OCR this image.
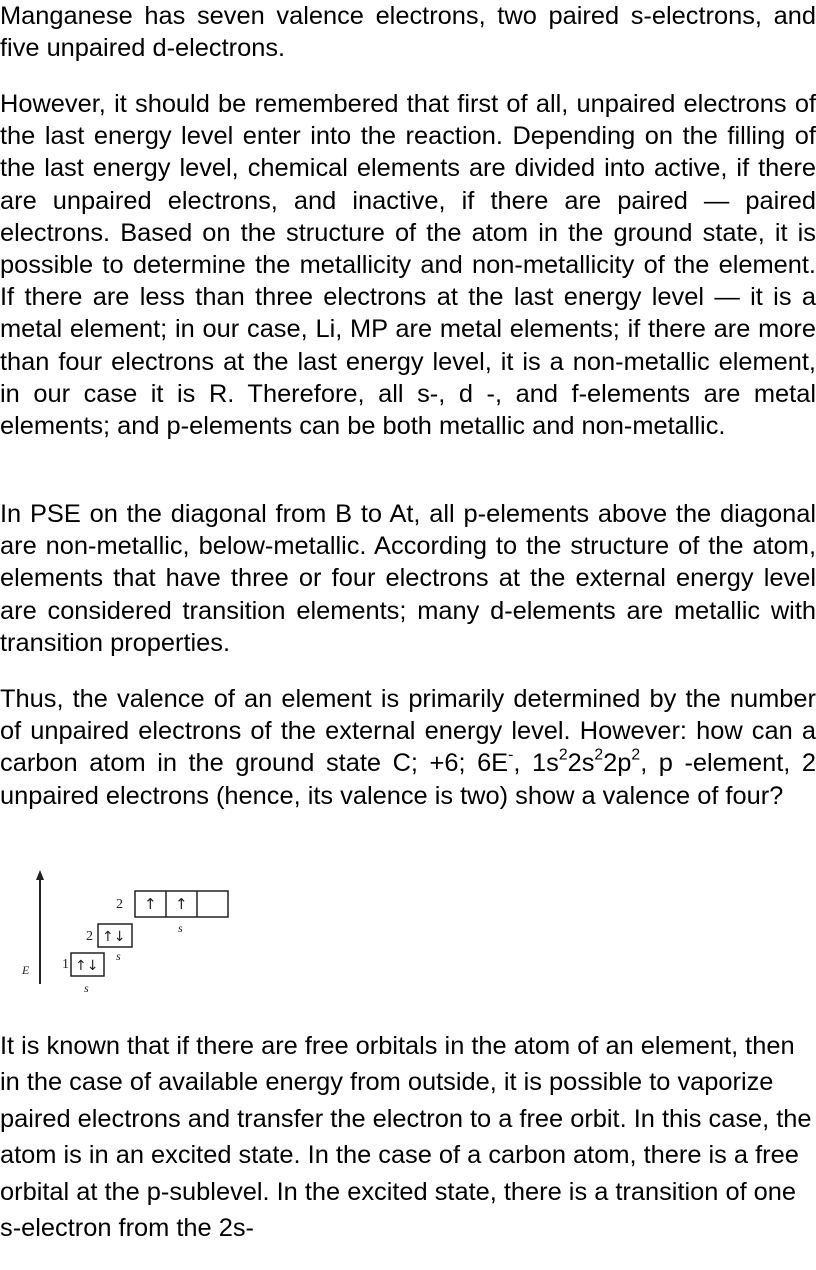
Manganese has seven valence electrons, two paired s-electrons, and five unpaired d-electrons.

However, it should be remembered that first of all, unpaired electrons of the last energy level enter into the reaction. Depending on the filling of the last energy level, chemical elements are divided into active, if there are unpaired electrons, and inactive, if there are paired — paired electrons. Based on the structure of the atom in the ground state, it is possible to determine the metallicity and non-metallicity of the element. If there are less than three electrons at the last energy level — it is a metal element; in our case, Li, MP are metal elements; if there are more than four electrons at the last energy level, it is a non-metallic element, in our case it is R. Therefore, all s-, d -, and f-elements are metal elements; and p-elements can be both metallic and non-metallic.

In PSE on the diagonal from B to At, all p-elements above the diagonal are non-metallic, below-metallic. According to the structure of the atom, elements that have three or four electrons at the external energy level are considered transition elements; many d-elements are metallic with transition properties.

Thus, the valence of an element is primarily determined by the number of unpaired electrons of the external energy level. However: how can a carbon atom in the ground state C; +6; 6E-, $1s^22s^22p^2$, p -element, 2 unpaired electrons (hence, its valence is two) show a valence of four?

E 1 ↑↓
s
2 ↑↓
s
2 ↑ ↑
s

It is known that if there are free orbitals in the atom of an element, then in the case of available energy from outside, it is possible to vaporize paired electrons and transfer the electron to a free orbit. In this case, the atom is in an excited state. In the case of a carbon atom, there is a free orbital at the p-sublevel. In the excited state, there is a transition of one s-electron from the 2s-
